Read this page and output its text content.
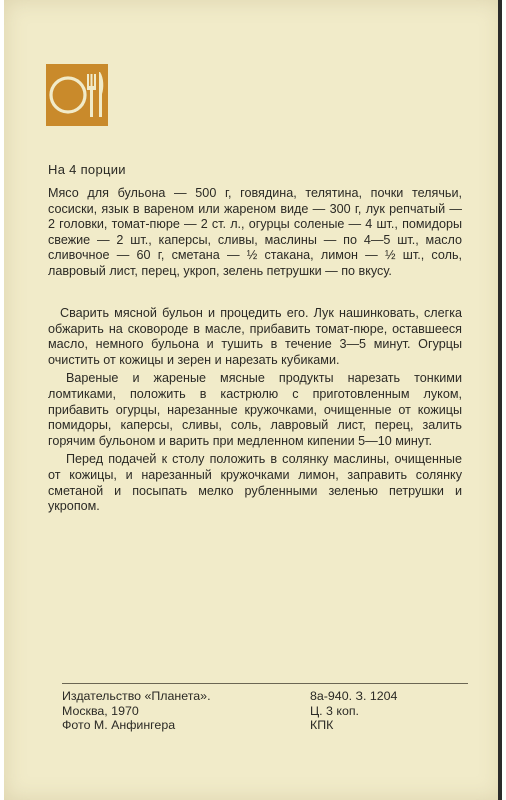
На 4 порции
Мясо для бульона — 500 г, говядина, телятина, почки телячьи, сосиски, язык в вареном или жареном виде — 300 г, лук репчатый — 2 головки, томат-пюре — 2 ст. л., огурцы соленые — 4 шт., помидоры свежие — 2 шт., каперсы, сливы, маслины — по 4—5 шт., масло сливочное — 60 г, сметана — ½ стакана, лимон — ½ шт., соль, лавровый лист, перец, укроп, зелень петрушки — по вкусу.

Сварить мясной бульон и процедить его. Лук нашинковать, слегка обжарить на сковороде в масле, прибавить томат-пюре, оставшееся масло, немного бульона и тушить в течение 3—5 минут. Огурцы очистить от кожицы и зерен и нарезать кубиками.

Вареные и жареные мясные продукты нарезать тонкими ломтиками, положить в кастрюлю с приготовленным луком, прибавить огурцы, нарезанные кружочками, очищенные от кожицы помидоры, каперсы, сливы, соль, лавровый лист, перец, залить горячим бульоном и варить при медленном кипении 5—10 минут.

Перед подачей к столу положить в солянку маслины, очищенные от кожицы, и нарезанный кружочками лимон, заправить солянку сметаной и посыпать мелко рубленными зеленью петрушки и укропом.

Издательство «Планета».
Москва, 1970
Фото М. Анфингера
8а-940. З. 1204
Ц. 3 коп.
КПК
